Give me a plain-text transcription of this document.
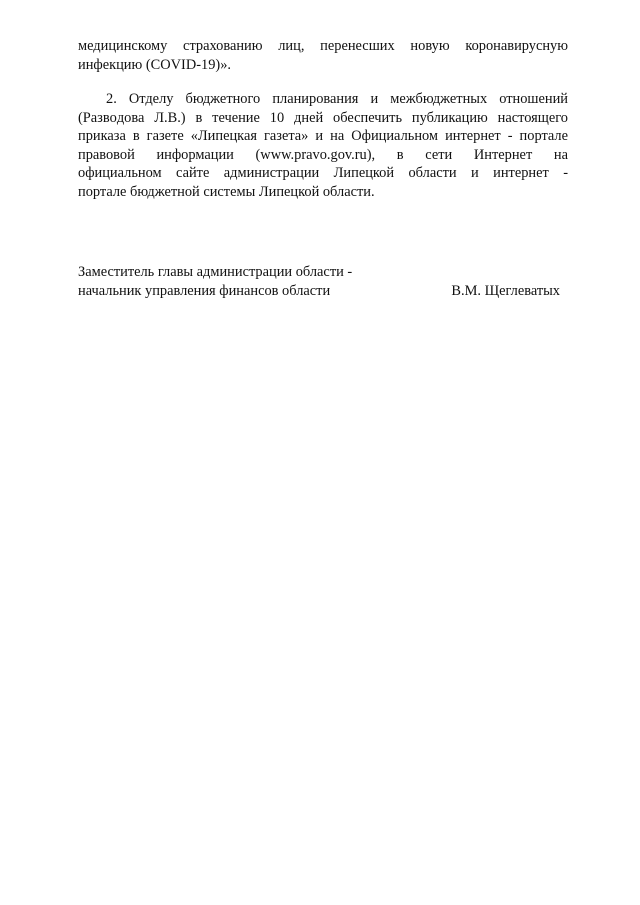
медицинскому страхованию лиц, перенесших новую коронавирусную
инфекцию (COVID-19)».
2. Отделу бюджетного планирования и межбюджетных отношений
(Развoдова Л.В.) в течение 10 дней обеспечить публикацию настоящего
приказа в газете «Липецкая газета» и на Официальном интернет - портале
правовой информации (www.pravo.gov.ru), в сети Интернет на
официальном сайте администрации Липецкой области и интернет -
портале бюджетной системы Липецкой области.
Заместитель главы администрации области -
начальник управления финансов области	В.М. Щеглеватых
